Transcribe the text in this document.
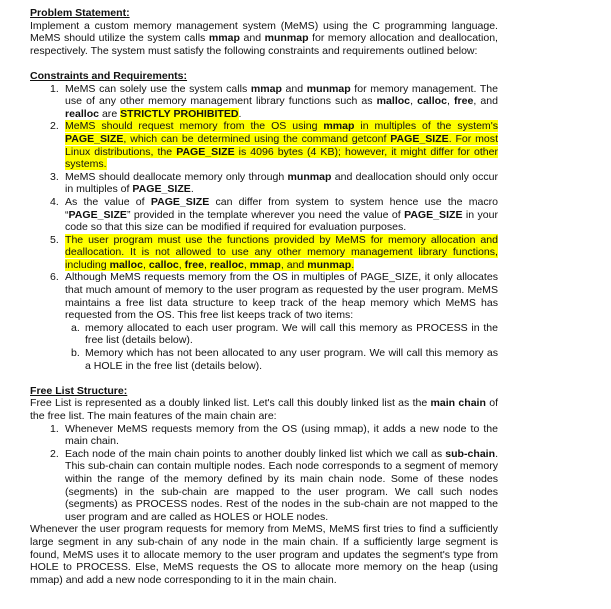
Problem Statement:

Implement a custom memory management system (MeMS) using the C programming language. MeMS should utilize the system calls mmap and munmap for memory allocation and deallocation, respectively. The system must satisfy the following constraints and requirements outlined below:

Constraints and Requirements:
1. MeMS can solely use the system calls mmap and munmap for memory management. The use of any other memory management library functions such as malloc, calloc, free, and realloc are STRICTLY PROHIBITED.
2. MeMS should request memory from the OS using mmap in multiples of the system's PAGE_SIZE, which can be determined using the command getconf PAGE_SIZE. For most Linux distributions, the PAGE_SIZE is 4096 bytes (4 KB); however, it might differ for other systems.
3. MeMS should deallocate memory only through munmap and deallocation should only occur in multiples of PAGE_SIZE.
4. As the value of PAGE_SIZE can differ from system to system hence use the macro “PAGE_SIZE” provided in the template wherever you need the value of PAGE_SIZE in your code so that this size can be modified if required for evaluation purposes.
5. The user program must use the functions provided by MeMS for memory allocation and deallocation. It is not allowed to use any other memory management library functions, including malloc, calloc, free, realloc, mmap, and munmap.
6. Although MeMS requests memory from the OS in multiples of PAGE_SIZE, it only allocates that much amount of memory to the user program as requested by the user program. MeMS maintains a free list data structure to keep track of the heap memory which MeMS has requested from the OS. This free list keeps track of two items:
a. memory allocated to each user program. We will call this memory as PROCESS in the free list (details below).
b. Memory which has not been allocated to any user program. We will call this memory as a HOLE in the free list (details below).
Free List Structure:

Free List is represented as a doubly linked list. Let's call this doubly linked list as the main chain of the free list. The main features of the main chain are:

1. Whenever MeMS requests memory from the OS (using mmap), it adds a new node to the main chain.
2. Each node of the main chain points to another doubly linked list which we call as sub-chain. This sub-chain can contain multiple nodes. Each node corresponds to a segment of memory within the range of the memory defined by its main chain node. Some of these nodes (segments) in the sub-chain are mapped to the user program. We call such nodes (segments) as PROCESS nodes. Rest of the nodes in the sub-chain are not mapped to the user program and are called as HOLES or HOLE nodes.

Whenever the user program requests for memory from MeMS, MeMS first tries to find a sufficiently large segment in any sub-chain of any node in the main chain. If a sufficiently large segment is found, MeMS uses it to allocate memory to the user program and updates the segment's type from HOLE to PROCESS. Else, MeMS requests the OS to allocate more memory on the heap (using mmap) and add a new node corresponding to it in the main chain.
